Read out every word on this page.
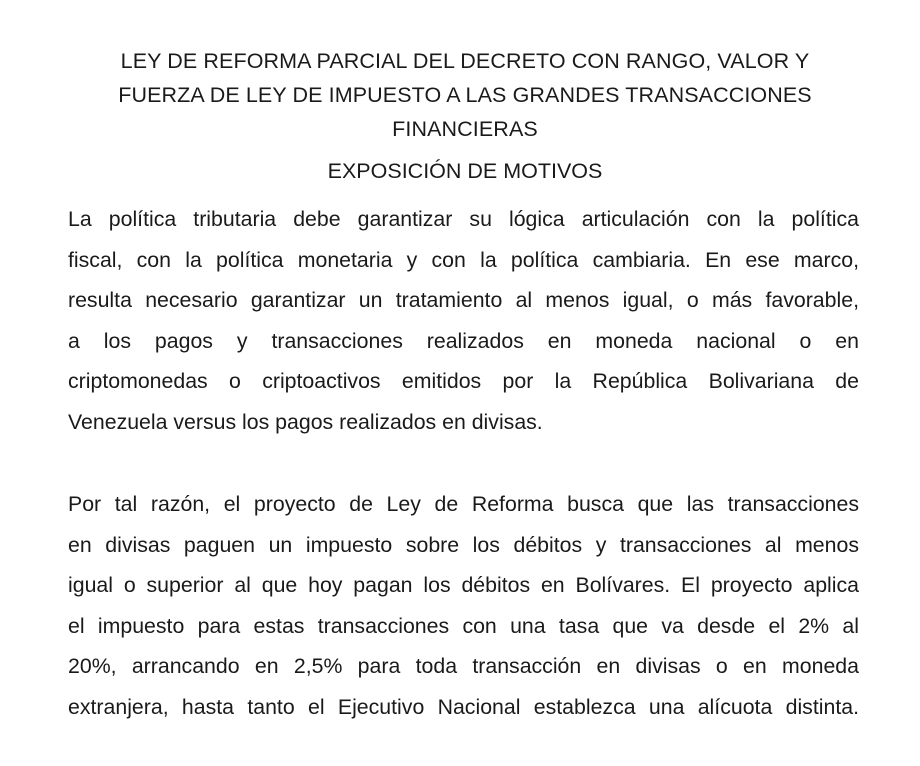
LEY DE REFORMA PARCIAL DEL DECRETO CON RANGO, VALOR Y
FUERZA DE LEY DE IMPUESTO A LAS GRANDES TRANSACCIONES
FINANCIERAS
EXPOSICIÓN DE MOTIVOS

La política tributaria debe garantizar su lógica articulación con la política
fiscal, con la política monetaria y con la política cambiaria. En ese marco,
resulta necesario garantizar un tratamiento al menos igual, o más favorable,
a los pagos y transacciones realizados en moneda nacional o en
criptomonedas o criptoactivos emitidos por la República Bolivariana de
Venezuela versus los pagos realizados en divisas.

Por tal razón, el proyecto de Ley de Reforma busca que las transacciones
en divisas paguen un impuesto sobre los débitos y transacciones al menos
igual o superior al que hoy pagan los débitos en Bolívares. El proyecto aplica
el impuesto para estas transacciones con una tasa que va desde el 2% al
20%, arrancando en 2,5% para toda transacción en divisas o en moneda
extranjera, hasta tanto el Ejecutivo Nacional establezca una alícuota distinta.
